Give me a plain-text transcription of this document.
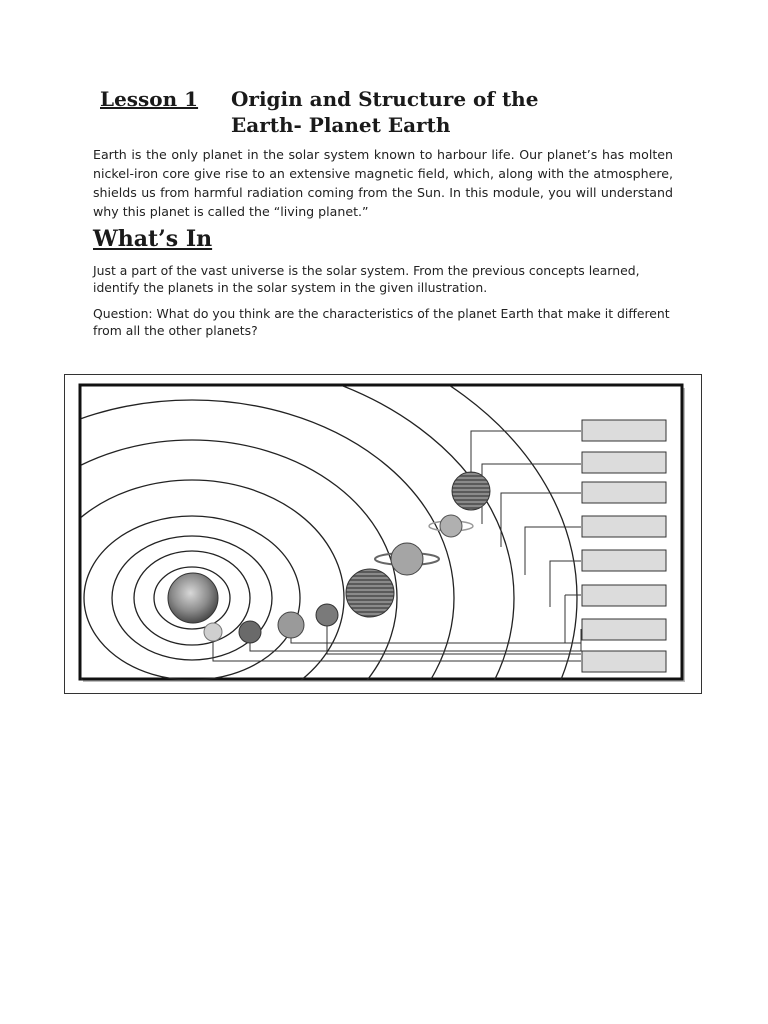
Lesson 1 Origin and Structure of the Earth- Planet Earth
Earth is the only planet in the solar system known to harbour life. Our planet’s has molten nickel-iron core give rise to an extensive magnetic field, which, along with the atmosphere, shields us from harmful radiation coming from the Sun. In this module, you will understand why this planet is called the “living planet.”
What’s In
Just a part of the vast universe is the solar system. From the previous concepts learned, identify the planets in the solar system in the given illustration.
Question: What do you think are the characteristics of the planet Earth that make it different from all the other planets?
